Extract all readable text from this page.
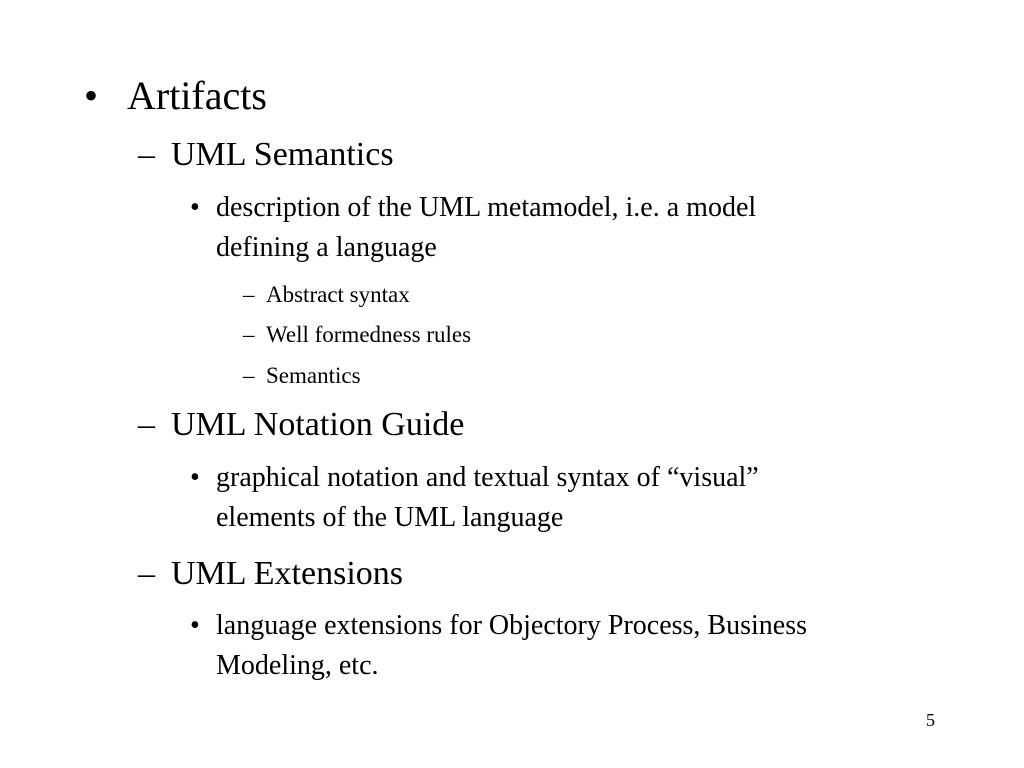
• Artifacts
– UML Semantics
• description of the UML metamodel, i.e. a model
defining a language
– Abstract syntax
– Well formedness rules
– Semantics
– UML Notation Guide
• graphical notation and textual syntax of “visual”
elements of the UML language
– UML Extensions
• language extensions for Objectory Process, Business
Modeling, etc.
5
